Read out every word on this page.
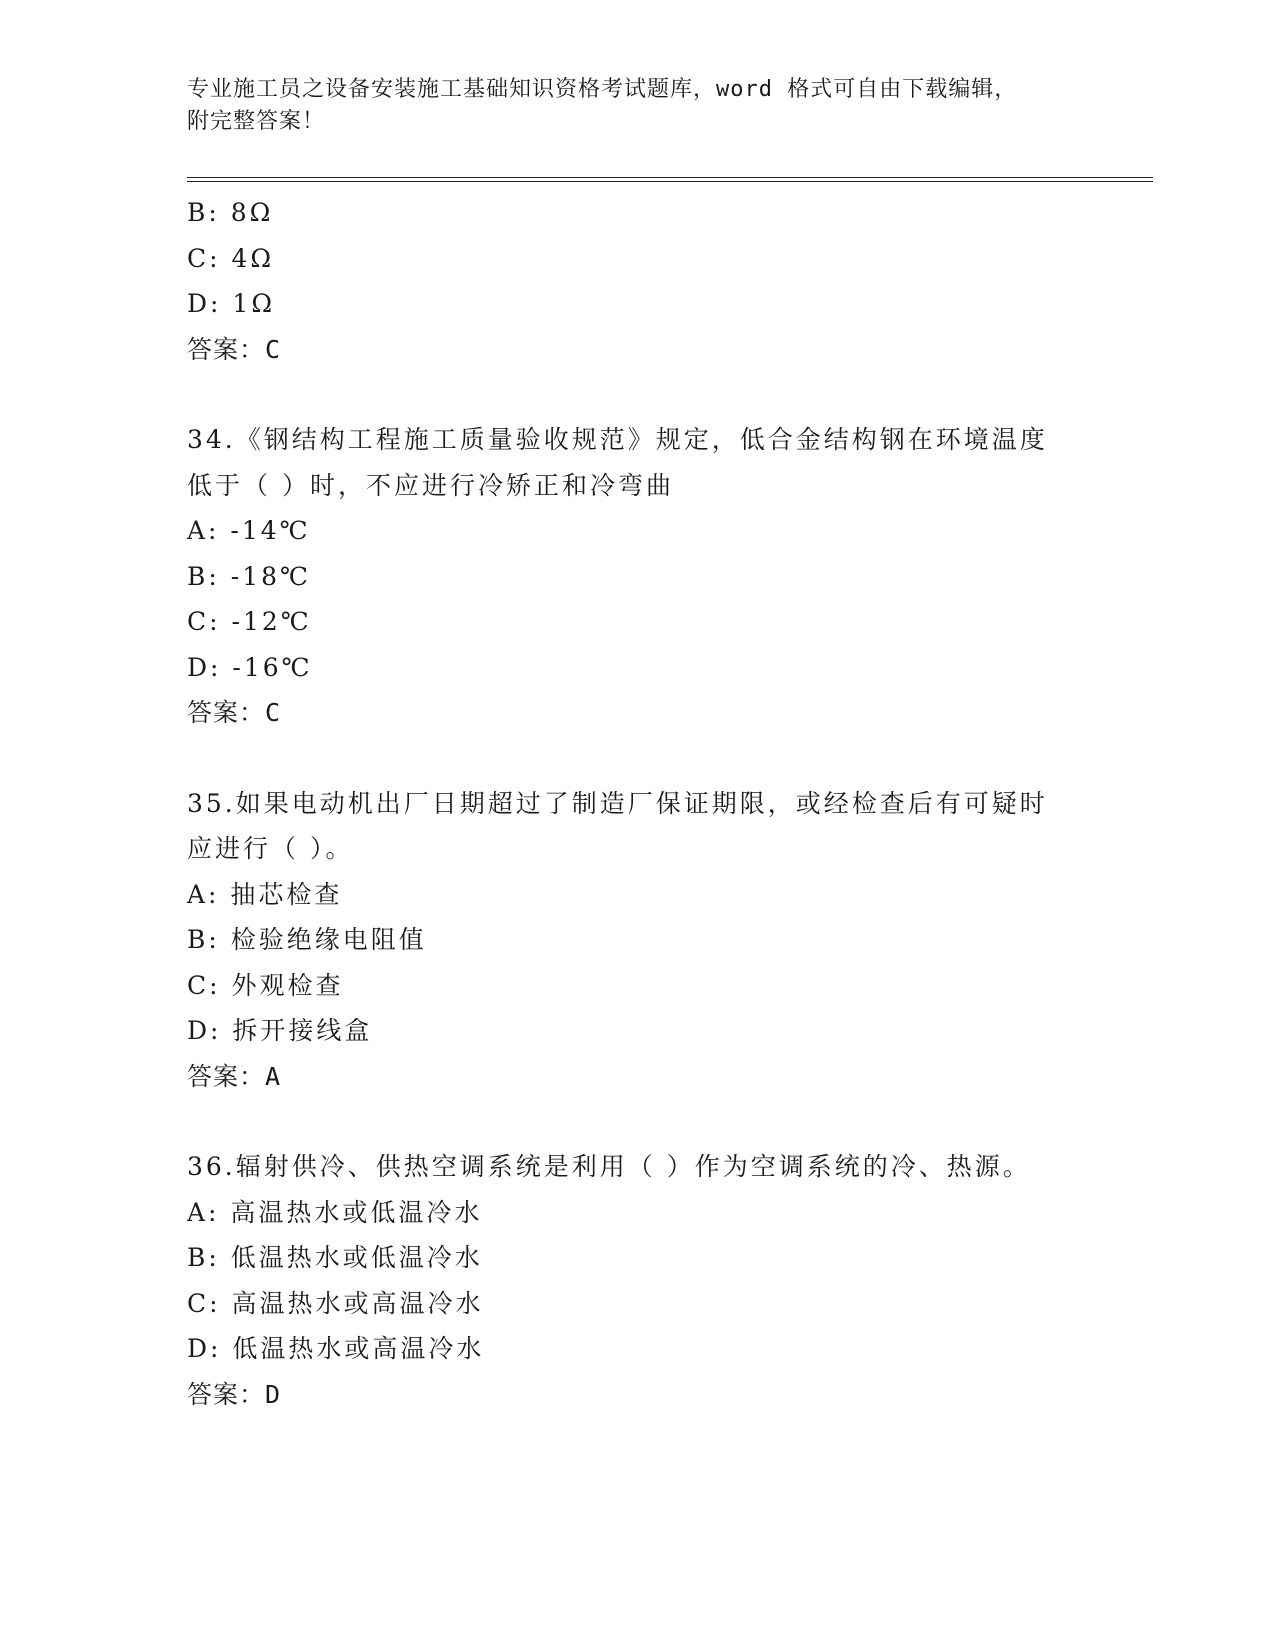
专业施工员之设备安装施工基础知识资格考试题库，word 格式可自由下载编辑，
附完整答案！
B: 8Ω
C: 4Ω
D: 1Ω
答案：C
34.《钢结构工程施工质量验收规范》规定，低合金结构钢在环境温度
低于（ ）时，不应进行冷矫正和冷弯曲
A: -14℃
B: -18℃
C: -12℃
D: -16℃
答案：C
35.如果电动机出厂日期超过了制造厂保证期限，或经检查后有可疑时
应进行（ ）。
A: 抽芯检查
B: 检验绝缘电阻值
C: 外观检查
D: 拆开接线盒
答案：A
36.辐射供冷、供热空调系统是利用（ ）作为空调系统的冷、热源。
A: 高温热水或低温冷水
B: 低温热水或低温冷水
C: 高温热水或高温冷水
D: 低温热水或高温冷水
答案：D
